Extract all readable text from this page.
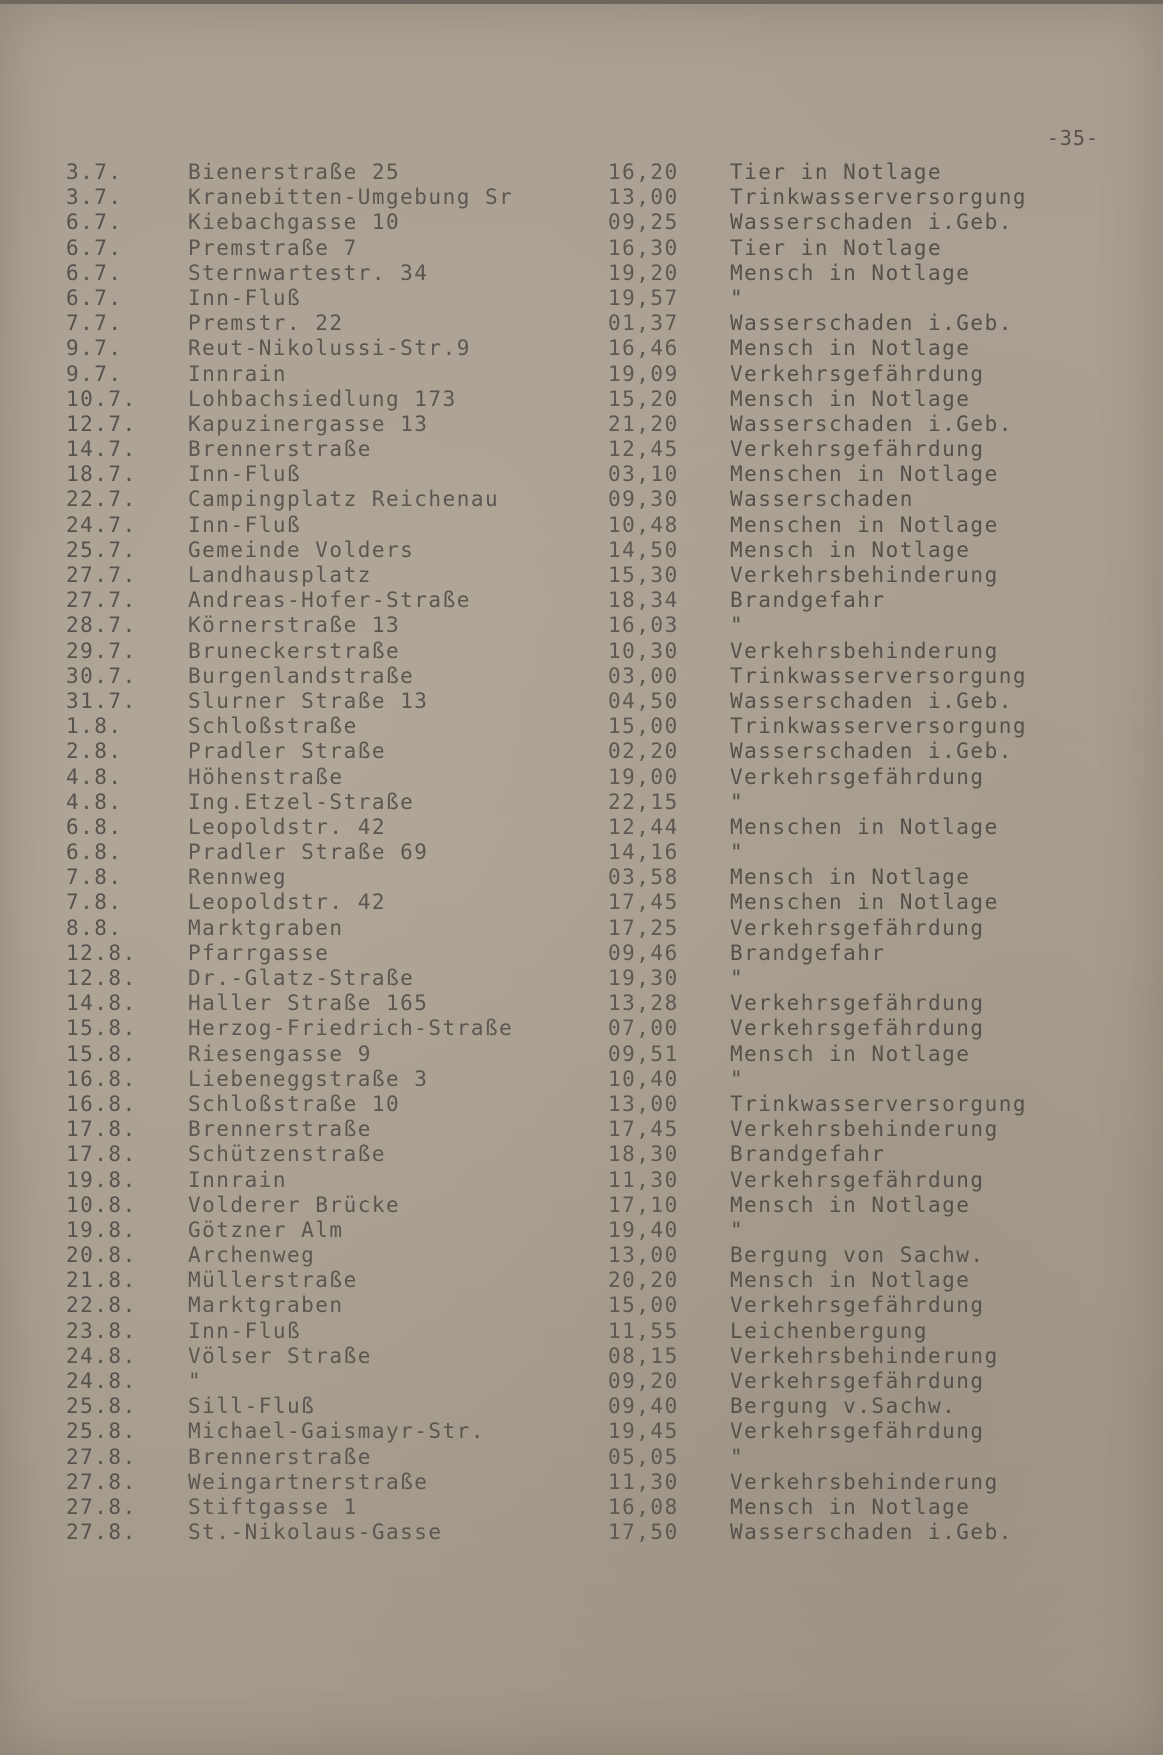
-35-
3.7.	Bienerstraße 25	16,20 Tier in Notlage
3.7.	Kranebitten-Umgebung Sr	13,00 Trinkwasserversorgung
6.7.	Kiebachgasse 10	09,25 Wasserschaden i.Geb.
6.7.	Premstraße 7	16,30 Tier in Notlage
6.7.	Sternwartestr. 34	19,20 Mensch in Notlage
6.7.	Inn-Fluß	19,57 "
7.7.	Premstr. 22	01,37 Wasserschaden i.Geb.
9.7.	Reut-Nikolussi-Str.9	16,46 Mensch in Notlage
9.7.	Innrain	19,09 Verkehrsgefährdung
10.7. Lohbachsiedlung 173	15,20 Mensch in Notlage
12.7. Kapuzinergasse 13	21,20 Wasserschaden i.Geb.
14.7. Brennerstraße	12,45 Verkehrsgefährdung
18.7. Inn-Fluß	03,10 Menschen in Notlage
22.7. Campingplatz Reichenau	09,30 Wasserschaden
24.7. Inn-Fluß	10,48 Menschen in Notlage
25.7. Gemeinde Volders	14,50 Mensch in Notlage
27.7. Landhausplatz	15,30 Verkehrsbehinderung
27.7. Andreas-Hofer-Straße	18,34 Brandgefahr
28.7. Körnerstraße 13	16,03 "
29.7. Bruneckerstraße	10,30 Verkehrsbehinderung
30.7. Burgenlandstraße	03,00 Trinkwasserversorgung
31.7. Slurner Straße 13	04,50 Wasserschaden i.Geb.
1.8.	Schloßstraße	15,00 Trinkwasserversorgung
2.8.	Pradler Straße	02,20 Wasserschaden i.Geb.
4.8.	Höhenstraße	19,00 Verkehrsgefährdung
4.8.	Ing.Etzel-Straße	22,15 "
6.8.	Leopoldstr. 42	12,44 Menschen in Notlage
6.8.	Pradler Straße 69	14,16 "
7.8.	Rennweg	03,58 Mensch in Notlage
7.8.	Leopoldstr. 42	17,45 Menschen in Notlage
8.8.	Marktgraben	17,25 Verkehrsgefährdung
12.8. Pfarrgasse	09,46 Brandgefahr
12.8. Dr.-Glatz-Straße	19,30 "
14.8. Haller Straße 165	13,28 Verkehrsgefährdung
15.8. Herzog-Friedrich-Straße	07,00 Verkehrsgefährdung
15.8. Riesengasse 9	09,51 Mensch in Notlage
16.8. Liebeneggstraße 3	10,40 "
16.8. Schloßstraße 10	13,00 Trinkwasserversorgung
17.8. Brennerstraße	17,45 Verkehrsbehinderung
17.8. Schützenstraße	18,30 Brandgefahr
19.8. Innrain	11,30 Verkehrsgefährdung
10.8. Volderer Brücke	17,10 Mensch in Notlage
19.8. Götzner Alm	19,40 "
20.8. Archenweg	13,00 Bergung von Sachw.
21.8. Müllerstraße	20,20 Mensch in Notlage
22.8. Marktgraben	15,00 Verkehrsgefährdung
23.8. Inn-Fluß	11,55 Leichenbergung
24.8. Völser Straße	08,15 Verkehrsbehinderung
24.8. "	09,20 Verkehrsgefährdung
25.8. Sill-Fluß	09,40 Bergung v.Sachw.
25.8. Michael-Gaismayr-Str.	19,45 Verkehrsgefährdung
27.8. Brennerstraße	05,05 "
27.8. Weingartnerstraße	11,30 Verkehrsbehinderung
27.8. Stiftgasse 1	16,08 Mensch in Notlage
27.8. St.-Nikolaus-Gasse	17,50 Wasserschaden i.Geb.
